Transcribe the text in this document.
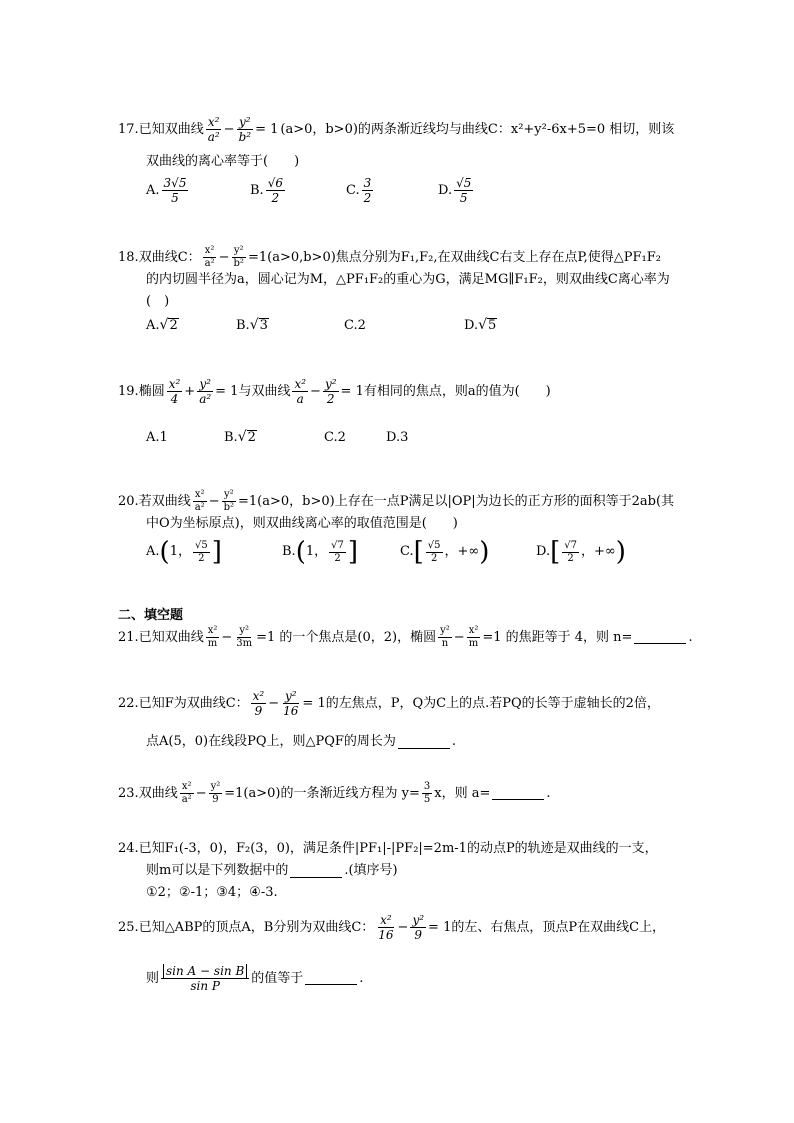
17. 已知双曲线 $\frac{\text{x²}}{\text{a²}} - \frac{\text{y²}}{\text{b²}} = 1$ (a>0，b>0)的两条渐近线均与曲线C：x²+y²-6x+5=0 相切，则该
双曲线的离心率等于(　　)
A. $\frac{3√5}{5}$	B. $\frac{√6}{2}$	C. $\frac{3}{2}$	D. $\frac{√5}{5}$
18. 双曲线C： $\frac{\text{x²}}{\text{a²}} - \frac{\text{y²}}{\text{b²}} =1(a>0,b>0)$焦点分别为F₁,F₂,在双曲线C右支上存在点P,使得△PF₁F₂
的内切圆半径为a，圆心记为M，△PF₁F₂的重心为G，满足MG∥F₁F₂，则双曲线C离心率为
(　)
A. √ 2	B. √ 3	C.2	D. √ 5
19. 椭圆 $\frac{\text{x²}}{4} + \frac{\text{y²}}{\text{a²}} = 1$ 与双曲线 $\frac{\text{x²}}{a} - \frac{\text{y²}}{2} = 1$ 有相同的焦点，则a的值为(　　)
A.1	B. √ 2	C.2	D.3
20. 若双曲线 $\frac{\text{x²}}{\text{a²}} - \frac{\text{y²}}{\text{b²}} =1(a>0$，b>0)上存在一点P满足以|OP|为边长的正方形的面积等于2ab(其
中O为坐标原点)，则双曲线离心率的取值范围是(　　)
A. ( 1 ， $\frac{√5}{2}$ ]	B. ( 1 ， $\frac{√7}{2}$ ]	C. [ $\frac{√5}{2}$ ， +∞ )	D. [ $\frac{√7}{2}$ ， +∞ )
二、填空题
21. 已知双曲线 $\frac{\text{x²}}{m} - \frac{\text{y²}}{3m} =1$ 的一个焦点是(0，2)，椭圆 $\frac{\text{y²}}{n} - \frac{\text{x²}}{m} =1$ 的焦距等于 4，则 n=	.
22. 已知F为双曲线C： $\frac{\text{x²}}{9} - \frac{\text{y²}}{16} = 1$ 的左焦点，P，Q为C上的点.若PQ的长等于虚轴长的2倍，
点A(5，0)在线段PQ上，则△PQF的周长为	.
23. 双曲线 $\frac{\text{x²}}{\text{a²}} - \frac{\text{y²}}{9} =1(a>0)$的一条渐近线方程为 $y= \frac{3}{5}$ x，则 a=	.
24. 已知F₁(-3，0)，F₂(3，0)，满足条件|PF₁|-|PF₂|=2m-1的动点P的轨迹是双曲线的一支，
则m可以是下列数据中的	.(填序号)
①2；②-1；③4；④-3.
25. 已知△ABP的顶点A，B分别为双曲线C： $\frac{\text{x²}}{16} - \frac{\text{y²}}{9} = 1$ 的左、右焦点，顶点P在双曲线C上，
则 $\frac{\text{sin A − sin B}}{\text{sin P}}$ 的值等于	.
